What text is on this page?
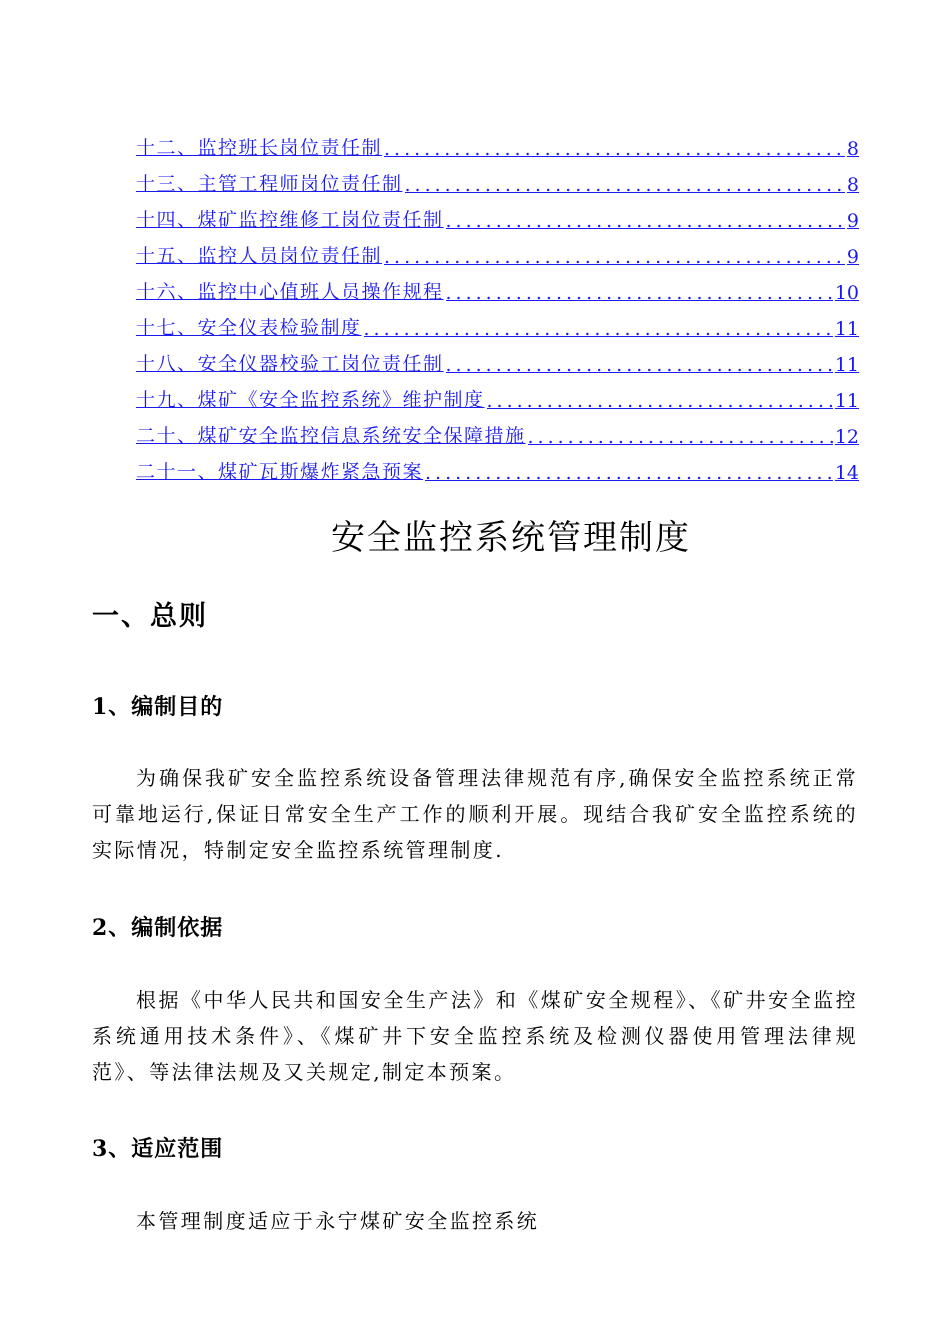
十二、监控班长岗位责任制 .....	8
十三、主管工程师岗位责任制 .....	8
十四、煤矿监控维修工岗位责任制 .....	9
十五、监控人员岗位责任制 .....	9
十六、监控中心值班人员操作规程 .....	10
十七、安全仪表检验制度 .....	11
十八、安全仪器校验工岗位责任制 .....	11
十九、煤矿《安全监控系统》维护制度 .....	11
二十、煤矿安全监控信息系统安全保障措施 .....	12
二十一、煤矿瓦斯爆炸紧急预案 .....	14
安全监控系统管理制度
一、总则
1、编制目的
为确保我矿安全监控系统设备管理法律规范有序,确保安全监控系统正常可靠地运行,保证日常安全生产工作的顺利开展。现结合我矿安全监控系统的实际情况，特制定安全监控系统管理制度.
2、编制依据
根据《中华人民共和国安全生产法》和《煤矿安全规程》、《矿井安全监控系统通用技术条件》、《煤矿井下安全监控系统及检测仪器使用管理法律规范》、等法律法规及又关规定,制定本预案。
3、适应范围
本管理制度适应于永宁煤矿安全监控系统
